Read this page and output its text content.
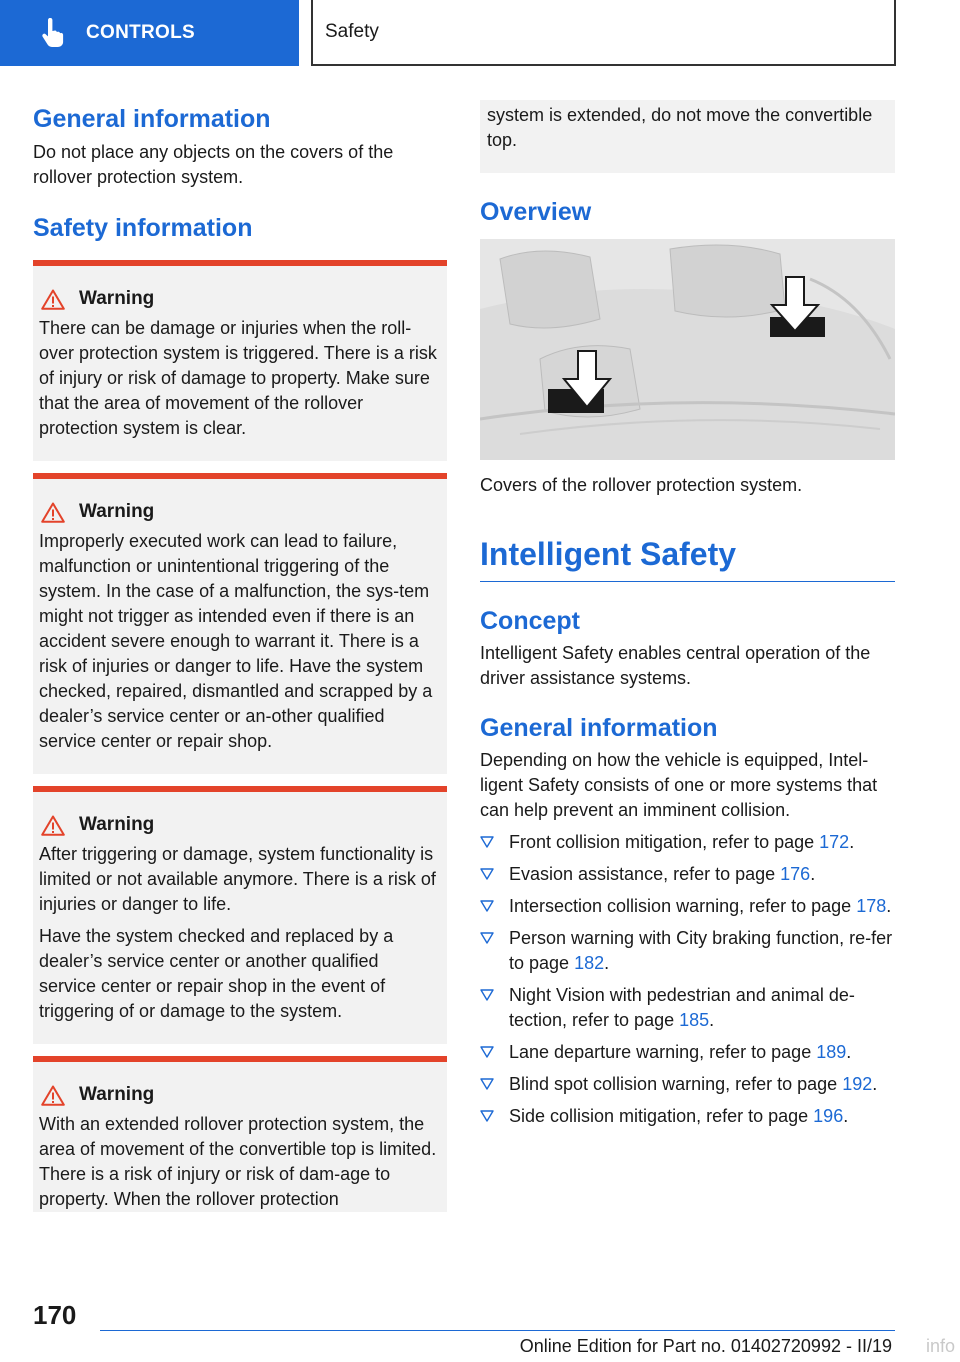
CONTROLS	Safety
General information

Do not place any objects on the covers of the rollover protection system.

Safety information
Warning

There can be damage or injuries when the roll‐over protection system is triggered. There is a risk of injury or risk of damage to property. Make sure that the area of movement of the rollover protection system is clear.

Warning

Improperly executed work can lead to failure, malfunction or unintentional triggering of the system. In the case of a malfunction, the sys‐tem might not trigger as intended even if there is an accident severe enough to warrant it. There is a risk of injuries or danger to life. Have the system checked, repaired, dismantled and scrapped by a dealer’s service center or an‐other qualified service center or repair shop.

Warning

After triggering or damage, system functionality is limited or not available anymore. There is a risk of injuries or danger to life.

Have the system checked and replaced by a dealer’s service center or another qualified service center or repair shop in the event of triggering of or damage to the system.

Warning

With an extended rollover protection system, the area of movement of the convertible top is limited. There is a risk of injury or risk of dam‐age to property. When the rollover protection

system is extended, do not move the convertible top.

Overview

Covers of the rollover protection system.

Intelligent Safety
Concept

Intelligent Safety enables central operation of the driver assistance systems.

General information

Depending on how the vehicle is equipped, Intel‐ligent Safety consists of one or more systems that can help prevent an imminent collision.

Front collision mitigation, refer to page 172.
Evasion assistance, refer to page 176.
Intersection collision warning, refer to page 178.
Person warning with City braking function, re‐fer to page 182.
Night Vision with pedestrian and animal de‐tection, refer to page 185.
Lane departure warning, refer to page 189.
Blind spot collision warning, refer to page 192.
Side collision mitigation, refer to page 196.
170
Online Edition for Part no. 01402720992 - II/19 info
